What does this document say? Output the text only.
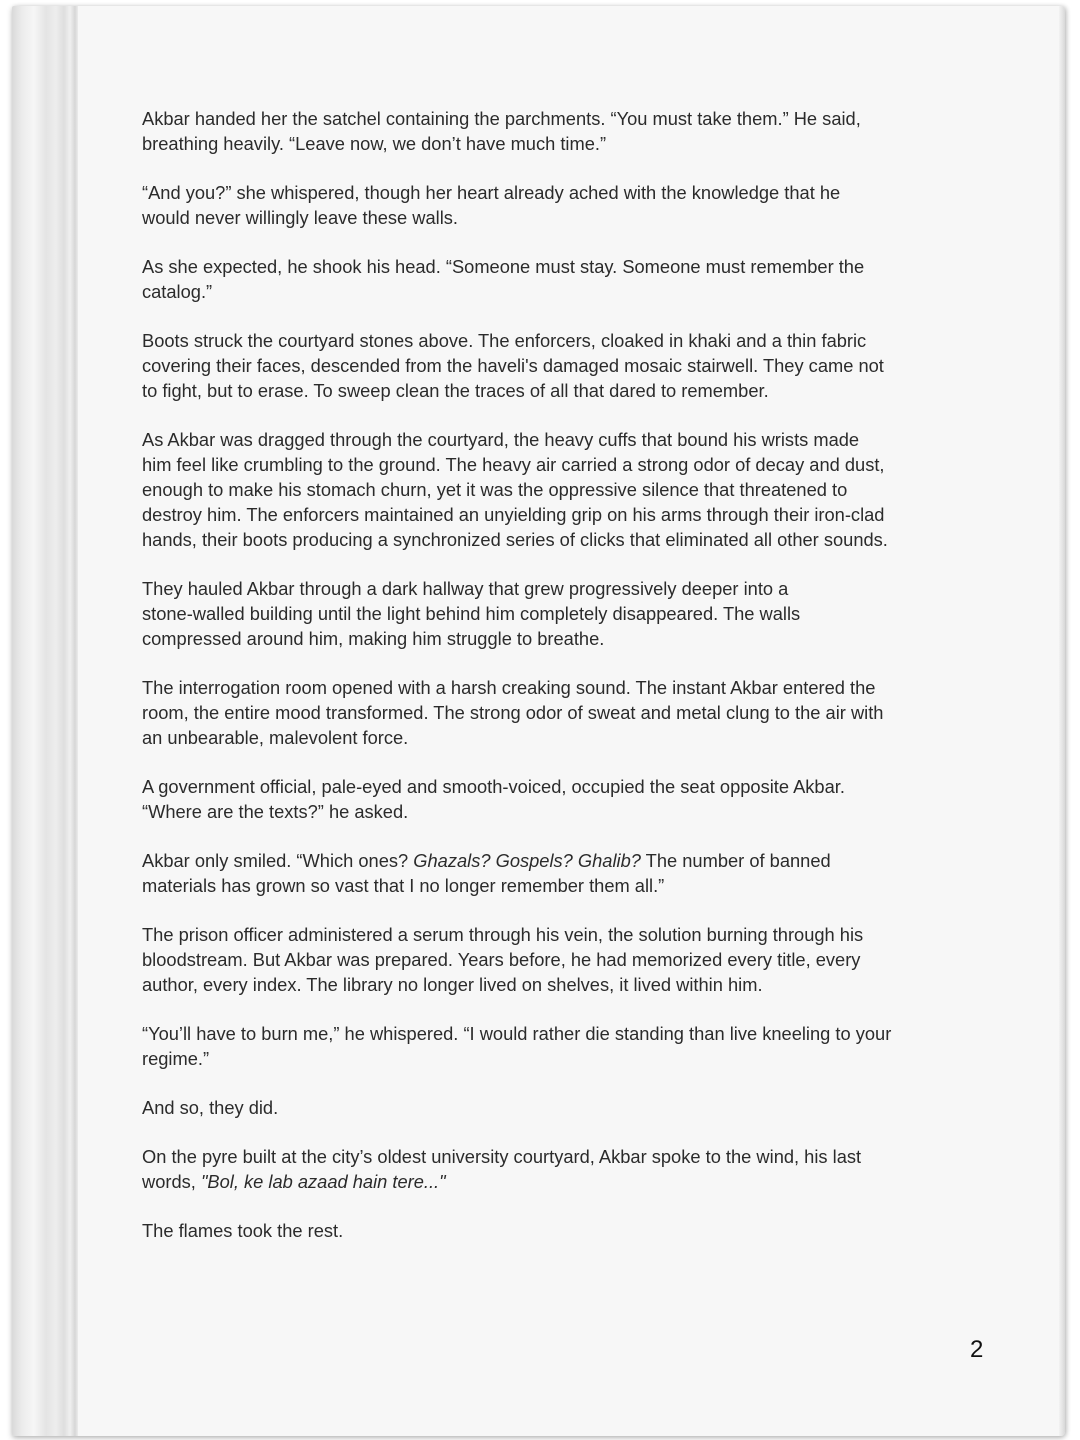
Akbar handed her the satchel containing the parchments. “You must take them.” He said,
breathing heavily. “Leave now, we don’t have much time.”

“And you?” she whispered, though her heart already ached with the knowledge that he
would never willingly leave these walls.

As she expected, he shook his head. “Someone must stay. Someone must remember the
catalog.”

Boots struck the courtyard stones above. The enforcers, cloaked in khaki and a thin fabric
covering their faces, descended from the haveli's damaged mosaic stairwell. They came not
to fight, but to erase. To sweep clean the traces of all that dared to remember.

As Akbar was dragged through the courtyard, the heavy cuffs that bound his wrists made
him feel like crumbling to the ground. The heavy air carried a strong odor of decay and dust,
enough to make his stomach churn, yet it was the oppressive silence that threatened to
destroy him. The enforcers maintained an unyielding grip on his arms through their iron-clad
hands, their boots producing a synchronized series of clicks that eliminated all other sounds.

They hauled Akbar through a dark hallway that grew progressively deeper into a
stone-walled building until the light behind him completely disappeared. The walls
compressed around him, making him struggle to breathe.

The interrogation room opened with a harsh creaking sound. The instant Akbar entered the
room, the entire mood transformed. The strong odor of sweat and metal clung to the air with
an unbearable, malevolent force.

A government official, pale-eyed and smooth-voiced, occupied the seat opposite Akbar.
“Where are the texts?” he asked.

Akbar only smiled. “Which ones? Ghazals? Gospels? Ghalib? The number of banned
materials has grown so vast that I no longer remember them all.”

The prison officer administered a serum through his vein, the solution burning through his
bloodstream. But Akbar was prepared. Years before, he had memorized every title, every
author, every index. The library no longer lived on shelves, it lived within him.

“You’ll have to burn me,” he whispered. “I would rather die standing than live kneeling to your
regime.”

And so, they did.

On the pyre built at the city’s oldest university courtyard, Akbar spoke to the wind, his last
words, "Bol, ke lab azaad hain tere..."

The flames took the rest.

2
